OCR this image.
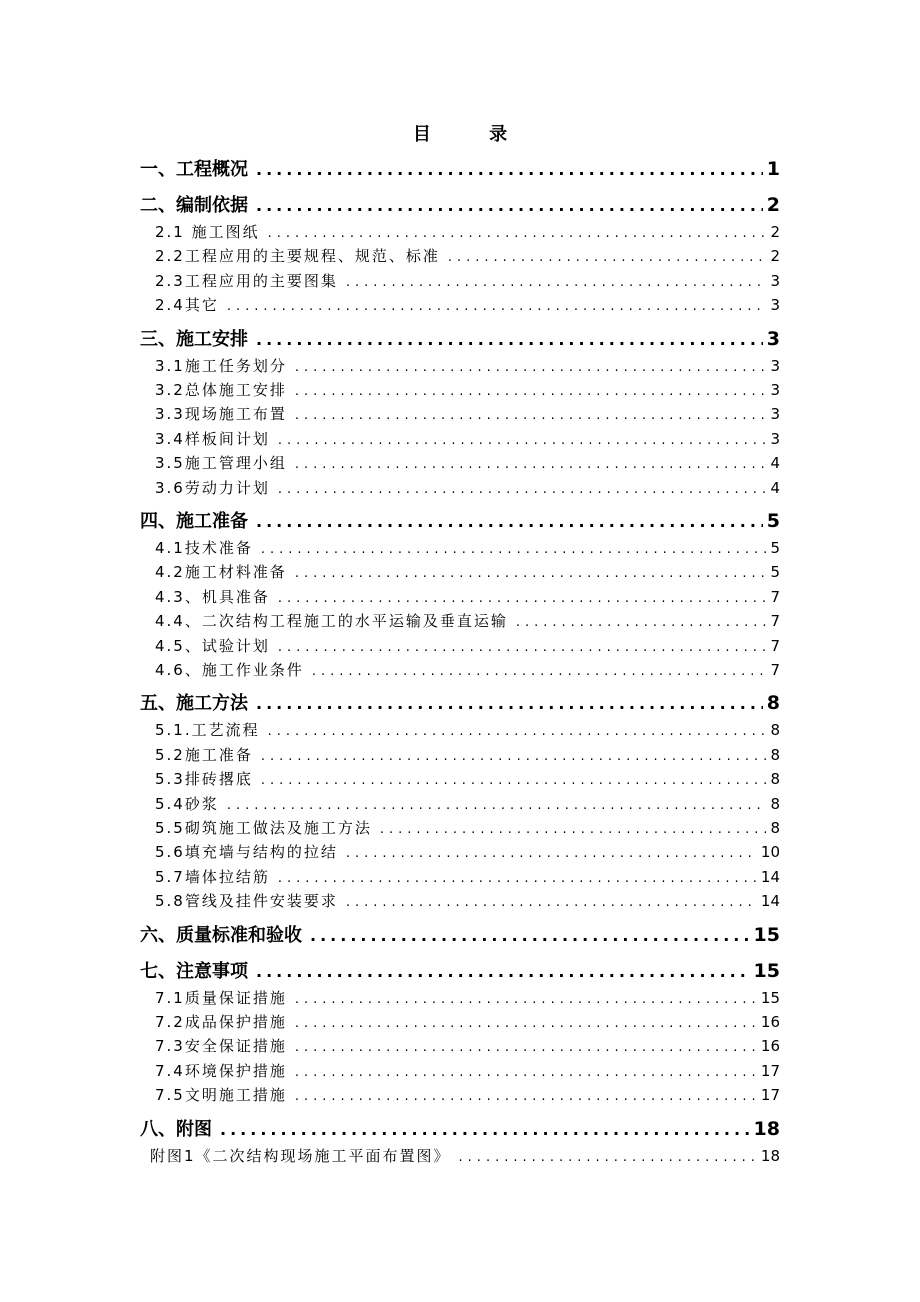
目 录
一、工程概况 .....	1
二、编制依据 .....	2
2.1 施工图纸 .....	2
2.2工程应用的主要规程、规范、标准 .....	2
2.3工程应用的主要图集 .....	3
2.4其它 .....	3
三、施工安排 .....	3
3.1施工任务划分 .....	3
3.2总体施工安排 .....	3
3.3现场施工布置 .....	3
3.4样板间计划 .....	3
3.5施工管理小组 .....	4
3.6劳动力计划 .....	4
四、施工准备 .....	5
4.1技术准备 .....	5
4.2施工材料准备 .....	5
4.3、机具准备 .....	7
4.4、二次结构工程施工的水平运输及垂直运输 .....	7
4.5、试验计划 .....	7
4.6、施工作业条件 .....	7
五、施工方法 .....	8
5.1.工艺流程 .....	8
5.2施工准备 .....	8
5.3排砖撂底 .....	8
5.4砂浆 .....	8
5.5砌筑施工做法及施工方法 .....	8
5.6填充墙与结构的拉结 .....	10
5.7墙体拉结筋 .....	14
5.8管线及挂件安装要求 .....	14
六、质量标准和验收 .....	15
七、注意事项 .....	15
7.1质量保证措施 .....	15
7.2成品保护措施 .....	16
7.3安全保证措施 .....	16
7.4环境保护措施 .....	17
7.5文明施工措施 .....	17
八、附图 .....	18
附图1《二次结构现场施工平面布置图》 .....	18
